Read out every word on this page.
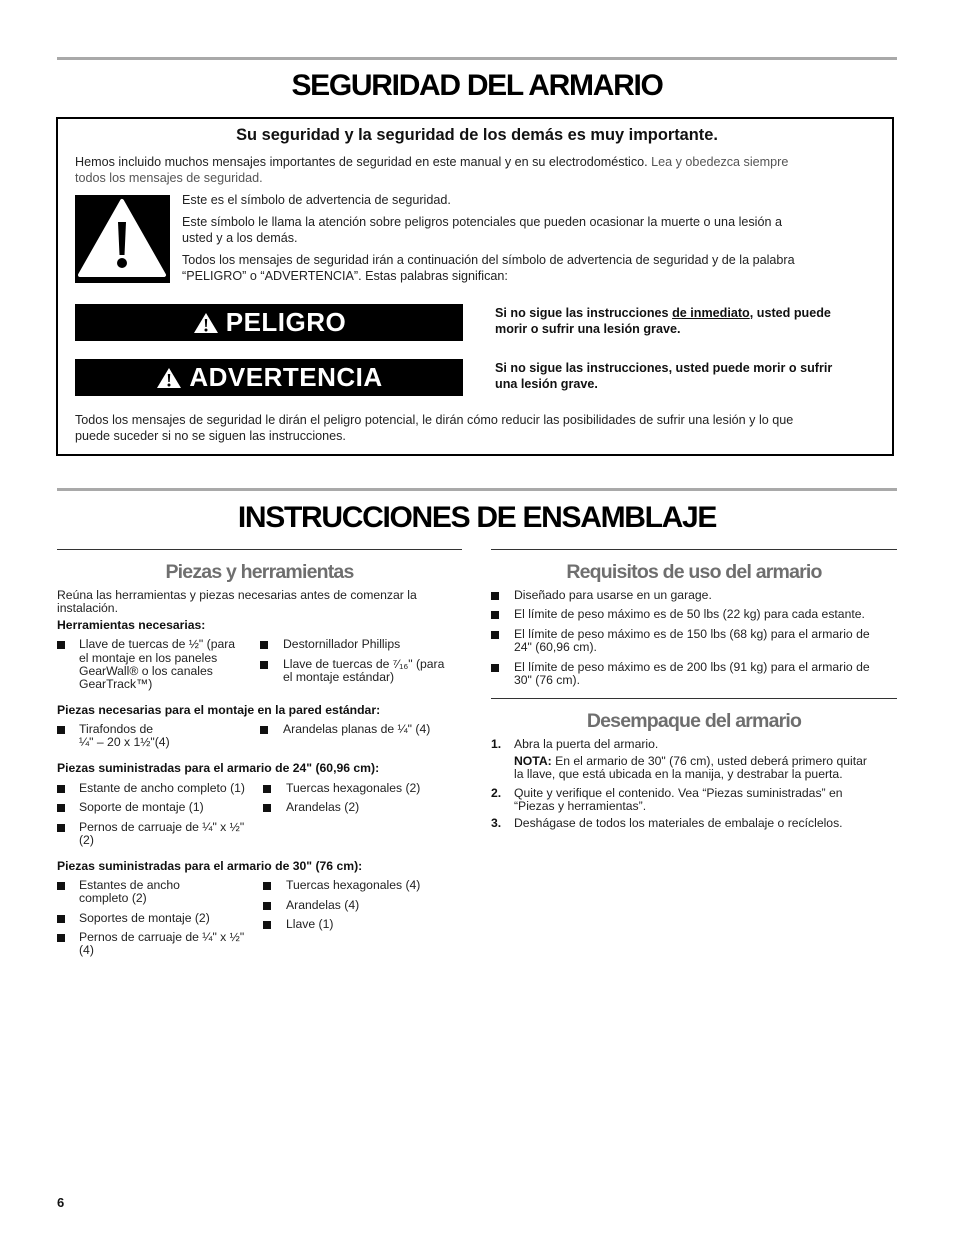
SEGURIDAD DEL ARMARIO
Su seguridad y la seguridad de los demás es muy importante.
Hemos incluido muchos mensajes importantes de seguridad en este manual y en su electrodoméstico. Lea y obedezca siempre
todos los mensajes de seguridad.
Este es el símbolo de advertencia de seguridad.
Este símbolo le llama la atención sobre peligros potenciales que pueden ocasionar la muerte o una lesión a
usted y a los demás.
Todos los mensajes de seguridad irán a continuación del símbolo de advertencia de seguridad y de la palabra
“PELIGRO” o “ADVERTENCIA”. Estas palabras significan:
PELIGRO
ADVERTENCIA
Si no sigue las instrucciones de inmediato, usted puede
morir o sufrir una lesión grave.
Si no sigue las instrucciones, usted puede morir o sufrir
una lesión grave.
Todos los mensajes de seguridad le dirán el peligro potencial, le dirán cómo reducir las posibilidades de sufrir una lesión y lo que
puede suceder si no se siguen las instrucciones.
INSTRUCCIONES DE ENSAMBLAJE
Piezas y herramientas
Reúna las herramientas y piezas necesarias antes de comenzar la
instalación.
Herramientas necesarias:
Llave de tuercas de ½" (para
el montaje en los paneles
GearWall® o los canales
GearTrack™)
Destornillador Phillips
Llave de tuercas de ⁷⁄₁₆" (para
el montaje estándar)
Piezas necesarias para el montaje en la pared estándar:
Tirafondos de
¼" – 20 x 1½"(4)
Arandelas planas de ¼" (4)
Piezas suministradas para el armario de 24" (60,96 cm):
Estante de ancho completo (1)
Soporte de montaje (1)
Pernos de carruaje de ¼" x ½"
(2)
Tuercas hexagonales (2)
Arandelas (2)
Piezas suministradas para el armario de 30" (76 cm):
Estantes de ancho
completo (2)
Soportes de montaje (2)
Pernos de carruaje de ¼" x ½"
(4)
Tuercas hexagonales (4)
Arandelas (4)
Llave (1)
Requisitos de uso del armario
Diseñado para usarse en un garage.
El límite de peso máximo es de 50 lbs (22 kg) para cada estante.
El límite de peso máximo es de 150 lbs (68 kg) para el armario de
24" (60,96 cm).
El límite de peso máximo es de 200 lbs (91 kg) para el armario de
30" (76 cm).
Desempaque del armario
1. Abra la puerta del armario.
NOTA: En el armario de 30" (76 cm), usted deberá primero quitar
la llave, que está ubicada en la manija, y destrabar la puerta.
2. Quite y verifique el contenido. Vea “Piezas suministradas” en
“Piezas y herramientas”.
3. Deshágase de todos los materiales de embalaje o recíclelos.
6
